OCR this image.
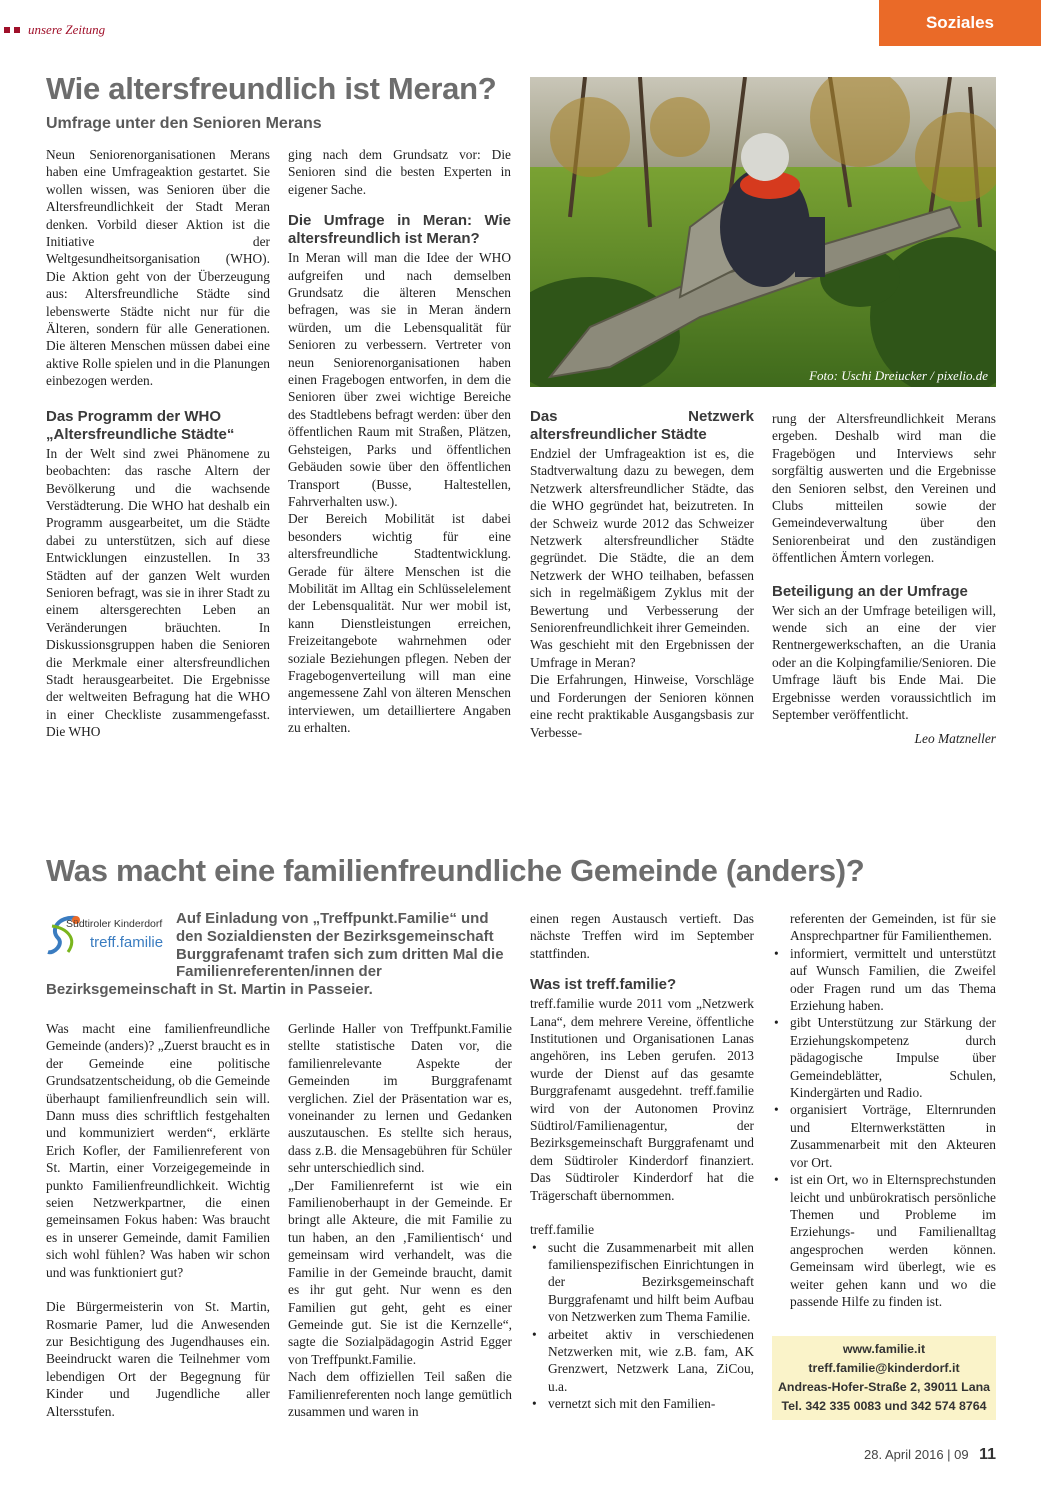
unsere Zeitung	Soziales
Wie altersfreundlich ist Meran?
Umfrage unter den Senioren Merans
Foto: Uschi Dreiucker / pixelio.de

Neun Seniorenorganisationen Merans haben eine Umfrageaktion gestartet. Sie wollen wissen, was Senioren über die Altersfreundlichkeit der Stadt Meran denken. Vorbild dieser Aktion ist die Initiative der Weltgesundheitsorganisation (WHO). Die Aktion geht von der Überzeugung aus: Altersfreundliche Städte sind lebenswerte Städte nicht nur für die Älteren, sondern für alle Generationen. Die älteren Menschen müssen dabei eine aktive Rolle spielen und in die Planungen einbezogen werden.

Das Programm der WHO
„Altersfreundliche Städte“

In der Welt sind zwei Phänomene zu beobachten: das rasche Altern der Bevölkerung und die wachsende Verstädterung. Die WHO hat deshalb ein Programm ausgearbeitet, um die Städte dabei zu unterstützen, sich auf diese Entwicklungen einzustellen. In 33 Städten auf der ganzen Welt wurden Senioren befragt, was sie in ihrer Stadt zu einem altersgerechten Leben an Veränderungen bräuchten. In Diskussionsgruppen haben die Senioren die Merkmale einer altersfreundlichen Stadt herausgearbeitet. Die Ergebnisse der weltweiten Befragung hat die WHO in einer Checkliste zusammengefasst. Die WHO

ging nach dem Grundsatz vor: Die Senioren sind die besten Experten in eigener Sache.

Die Umfrage in Meran: Wie altersfreundlich ist Meran?

In Meran will man die Idee der WHO aufgreifen und nach demselben Grundsatz die älteren Menschen befragen, was sie in Meran ändern würden, um die Lebensqualität für Senioren zu verbessern. Vertreter von neun Seniorenorganisationen haben einen Fragebogen entworfen, in dem die Senioren über zwei wichtige Bereiche des Stadtlebens befragt werden: über den öffentlichen Raum mit Straßen, Plätzen, Gehsteigen, Parks und öffentlichen Gebäuden sowie über den öffentlichen Transport (Busse, Haltestellen, Fahrverhalten usw.).

Der Bereich Mobilität ist dabei besonders wichtig für eine altersfreundliche Stadtentwicklung. Gerade für ältere Menschen ist die Mobilität im Alltag ein Schlüsselelement der Lebensqualität. Nur wer mobil ist, kann Dienstleistungen erreichen, Freizeitangebote wahrnehmen oder soziale Beziehungen pflegen. Neben der Fragebogenverteilung will man eine angemessene Zahl von älteren Menschen interviewen, um detailliertere Angaben zu erhalten.

Das Netzwerk altersfreundlicher Städte

Endziel der Umfrageaktion ist es, die Stadtverwaltung dazu zu bewegen, dem Netzwerk altersfreundlicher Städte, das die WHO gegründet hat, beizutreten. In der Schweiz wurde 2012 das Schweizer Netzwerk altersfreundlicher Städte gegründet. Die Städte, die an dem Netzwerk der WHO teilhaben, befassen sich in regelmäßigem Zyklus mit der Bewertung und Verbesserung der Seniorenfreundlichkeit ihrer Gemeinden.

Was geschieht mit den Ergebnissen der Umfrage in Meran?

Die Erfahrungen, Hinweise, Vorschläge und Forderungen der Senioren können eine recht praktikable Ausgangsbasis zur Verbesse-

rung der Altersfreundlichkeit Merans ergeben. Deshalb wird man die Fragebögen und Interviews sehr sorgfältig auswerten und die Ergebnisse den Senioren selbst, den Vereinen und Clubs mitteilen sowie der Gemeindeverwaltung über den Seniorenbeirat und den zuständigen öffentlichen Ämtern vorlegen.

Beteiligung an der Umfrage

Wer sich an der Umfrage beteiligen will, wende sich an eine der vier Rentnergewerkschaften, an die Urania oder an die Kolpingfamilie/Senioren. Die Umfrage läuft bis Ende Mai. Die Ergebnisse werden voraussichtlich im September veröffentlicht.

Leo Matzneller

Was macht eine familienfreundliche Gemeinde (anders)?
Südtiroler Kinderdorf
treff.familie
Auf Einladung von „Treffpunkt.Familie“ und den Sozialdiensten der Bezirksgemeinschaft Burggrafenamt trafen sich zum dritten Mal die Familienreferenten/innen der Bezirksgemeinschaft in St. Martin in Passeier.

Was macht eine familienfreundliche Gemeinde (anders)? „Zuerst braucht es in der Gemeinde eine politische Grundsatzentscheidung, ob die Gemeinde überhaupt familienfreundlich sein will. Dann muss dies schriftlich festgehalten und kommuniziert werden“, erklärte Erich Kofler, der Familienreferent von St. Martin, einer Vorzeigegemeinde in punkto Familienfreundlichkeit. Wichtig seien Netzwerkpartner, die einen gemeinsamen Fokus haben: Was braucht es in unserer Gemeinde, damit Familien sich wohl fühlen? Was haben wir schon und was funktioniert gut?

Die Bürgermeisterin von St. Martin, Rosmarie Pamer, lud die Anwesenden zur Besichtigung des Jugendhauses ein. Beeindruckt waren die Teilnehmer vom lebendigen Ort der Begegnung für Kinder und Jugendliche aller Altersstufen.

Gerlinde Haller von Treffpunkt.Familie stellte statistische Daten vor, die familienrelevante Aspekte der Gemeinden im Burggrafenamt verglichen. Ziel der Präsentation war es, voneinander zu lernen und Gedanken auszutauschen. Es stellte sich heraus, dass z.B. die Mensagebühren für Schüler sehr unterschiedlich sind.

„Der Familienrefernt ist wie ein Familienoberhaupt in der Gemeinde. Er bringt alle Akteure, die mit Familie zu tun haben, an den ‚Familientisch‘ und gemeinsam wird verhandelt, was die Familie in der Gemeinde braucht, damit es ihr gut geht. Nur wenn es den Familien gut geht, geht es einer Gemeinde gut. Sie ist die Kernzelle“, sagte die Sozialpädagogin Astrid Egger von Treffpunkt.Familie.

Nach dem offiziellen Teil saßen die Familienreferenten noch lange gemütlich zusammen und waren in

einen regen Austausch vertieft. Das nächste Treffen wird im September stattfinden.

Was ist treff.familie?

treff.familie wurde 2011 vom „Netzwerk Lana“, dem mehrere Vereine, öffentliche Institutionen und Organisationen Lanas angehören, ins Leben gerufen. 2013 wurde der Dienst auf das gesamte Burggrafenamt ausgedehnt. treff.familie wird von der Autonomen Provinz Südtirol/Familienagentur, der Bezirksgemeinschaft Burggrafenamt und dem Südtiroler Kinderdorf finanziert. Das Südtiroler Kinderdorf hat die Trägerschaft übernommen.

treff.familie

• sucht die Zusammenarbeit mit allen familienspezifischen Einrichtungen in der Bezirksgemeinschaft Burggrafenamt und hilft beim Aufbau von Netzwerken zum Thema Familie.
• arbeitet aktiv in verschiedenen Netzwerken mit, wie z.B. fam, AK Grenzwert, Netzwerk Lana, ZiCou, u.a.
• vernetzt sich mit den Familien-

referenten der Gemeinden, ist für sie Ansprechpartner für Familienthemen.

• informiert, vermittelt und unterstützt auf Wunsch Familien, die Zweifel oder Fragen rund um das Thema Erziehung haben.
• gibt Unterstützung zur Stärkung der Erziehungskompetenz durch pädagogische Impulse über Gemeindeblätter, Schulen, Kindergärten und Radio.
• organisiert Vorträge, Elternrunden und Elternwerkstätten in Zusammenarbeit mit den Akteuren vor Ort.
• ist ein Ort, wo in Elternsprechstunden leicht und unbürokratisch persönliche Themen und Probleme im Erziehungs- und Familienalltag angesprochen werden können. Gemeinsam wird überlegt, wie es weiter gehen kann und wo die passende Hilfe zu finden ist.
www.familie.it
treff.familie@kinderdorf.it
Andreas-Hofer-Straße 2, 39011 Lana
Tel. 342 335 0083 und 342 574 8764
28. April 2016 | 09 11
